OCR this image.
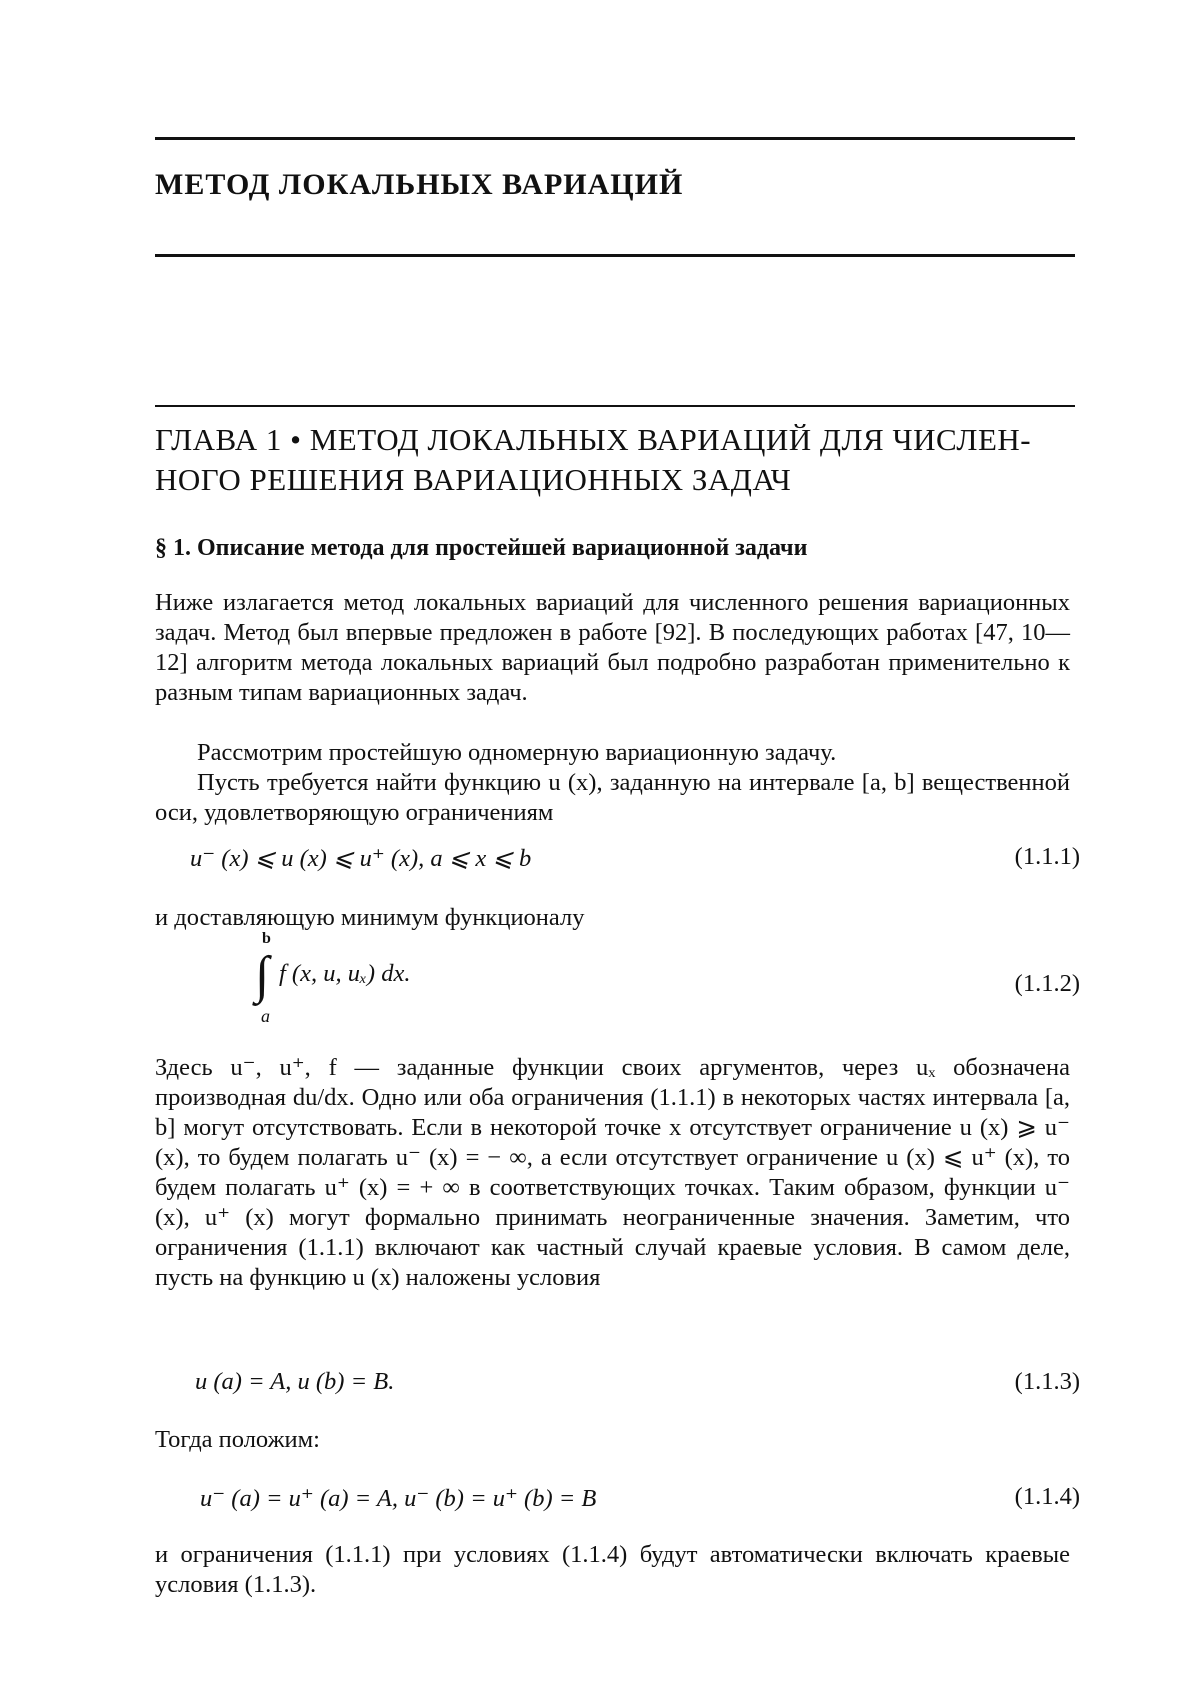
МЕТОД ЛОКАЛЬНЫХ ВАРИАЦИЙ
ГЛАВА 1 • МЕТОД ЛОКАЛЬНЫХ ВАРИАЦИЙ ДЛЯ ЧИСЛЕН-НОГО РЕШЕНИЯ ВАРИАЦИОННЫХ ЗАДАЧ
§ 1. Описание метода для простейшей вариационной задачи
Ниже излагается метод локальных вариаций для численного решения вариационных задач. Метод был впервые предложен в работе [92]. В последующих работах [47, 10—12] алгоритм метода локальных вариаций был подробно разработан применительно к разным типам вариационных задач.
Рассмотрим простейшую одномерную вариационную задачу.
Пусть требуется найти функцию u (x), заданную на интервале [a, b] вещественной оси, удовлетворяющую ограничениям
u⁻ (x) ⩽ u (x) ⩽ u⁺ (x), a ⩽ x ⩽ b	(1.1.1)
и доставляющую минимум функционалу
b
∫
a
f (x, u, uₓ) dx.	(1.1.2)
Здесь u⁻, u⁺, f — заданные функции своих аргументов, через uₓ обозначена производная du/dx. Одно или оба ограничения (1.1.1) в некоторых частях интервала [a, b] могут отсутствовать. Если в некоторой точке x отсутствует ограничение u (x) ⩾ u⁻ (x), то будем полагать u⁻ (x) = − ∞, а если отсутствует ограничение u (x) ⩽ u⁺ (x), то будем полагать u⁺ (x) = + ∞ в соответствующих точках. Таким образом, функции u⁻ (x), u⁺ (x) могут формально принимать неограниченные значения. Заметим, что ограничения (1.1.1) включают как частный случай краевые условия. В самом деле, пусть на функцию u (x) наложены условия
u (a) = A, u (b) = B.	(1.1.3)
Тогда положим:
u⁻ (a) = u⁺ (a) = A, u⁻ (b) = u⁺ (b) = B	(1.1.4)
и ограничения (1.1.1) при условиях (1.1.4) будут автоматически включать краевые условия (1.1.3).
